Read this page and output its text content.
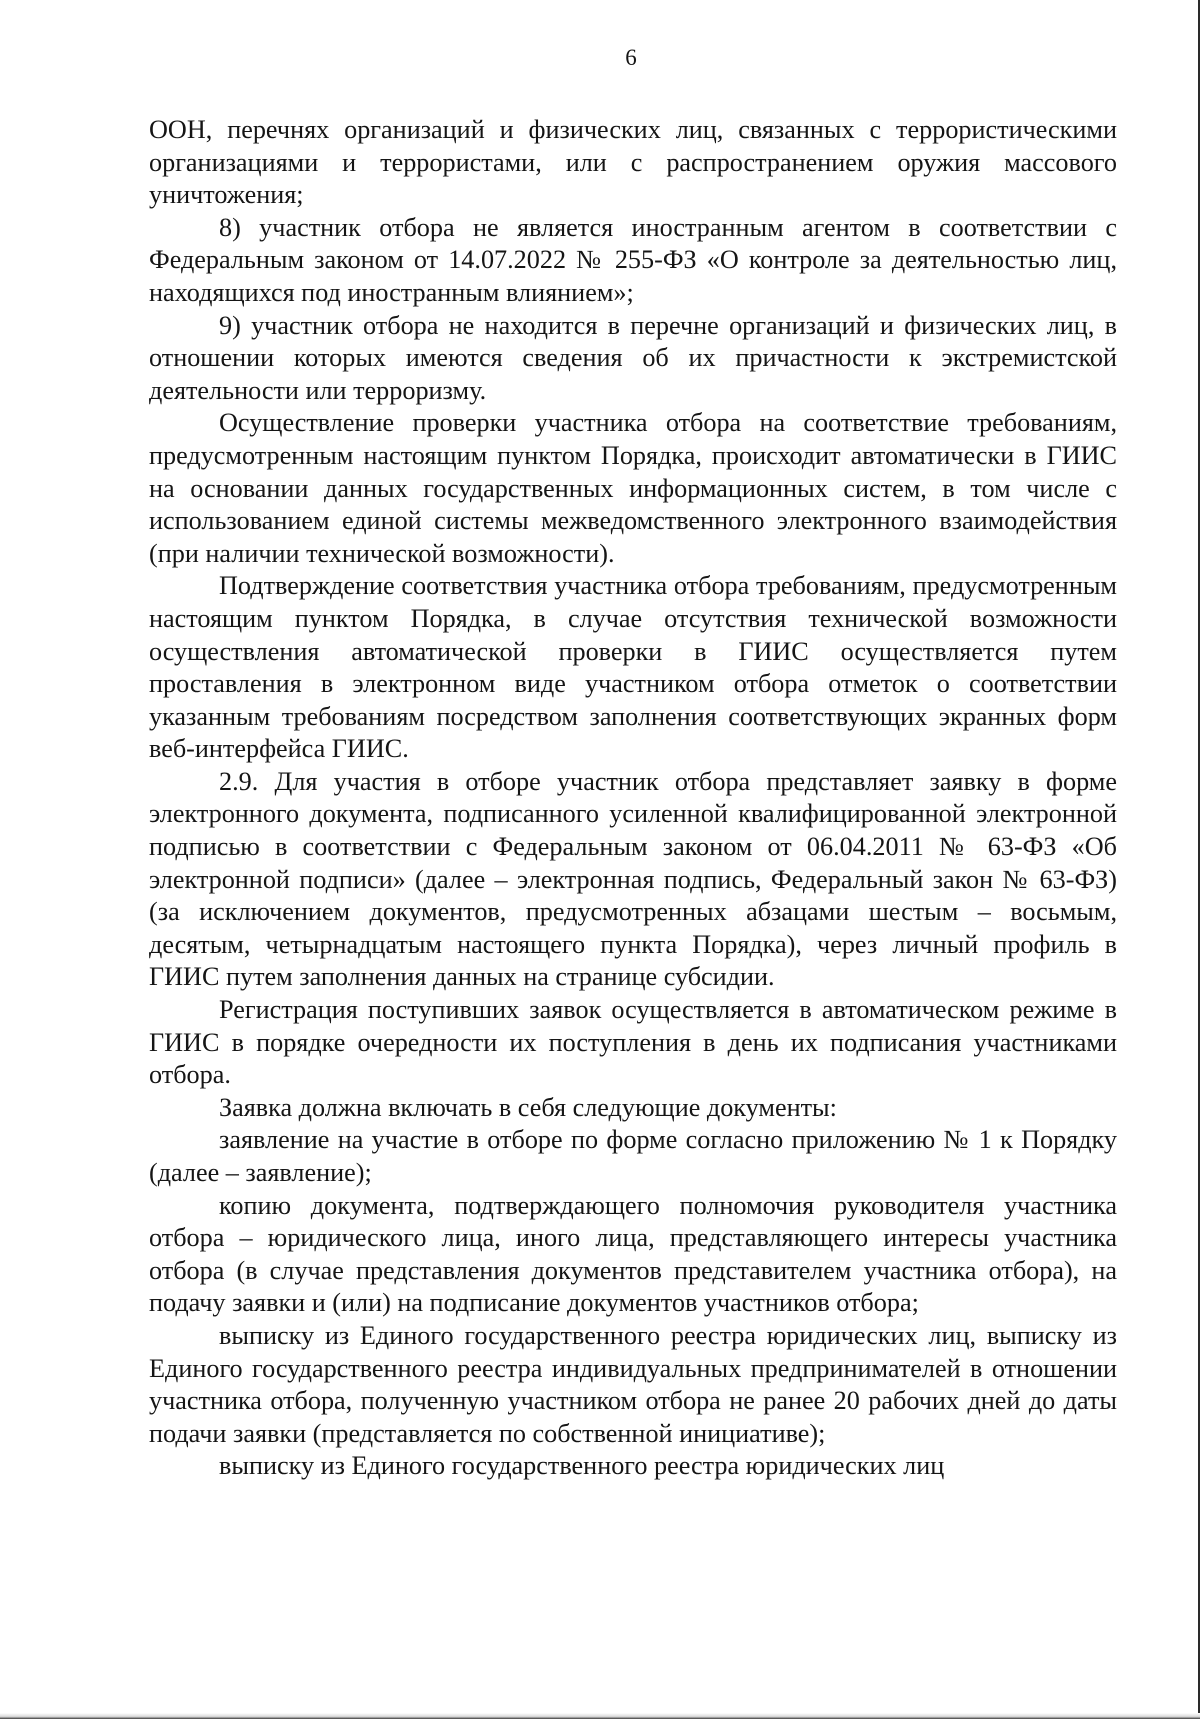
6

ООН, перечнях организаций и физических лиц, связанных с террористическими организациями и террористами, или с распространением оружия массового уничтожения;

8) участник отбора не является иностранным агентом в соответствии с Федеральным законом от 14.07.2022 № 255-ФЗ «О контроле за деятельностью лиц, находящихся под иностранным влиянием»;

9) участник отбора не находится в перечне организаций и физических лиц, в отношении которых имеются сведения об их причастности к экстремистской деятельности или терроризму.

Осуществление проверки участника отбора на соответствие требованиям, предусмотренным настоящим пунктом Порядка, происходит автоматически в ГИИС на основании данных государственных информационных систем, в том числе с использованием единой системы межведомственного электронного взаимодействия (при наличии технической возможности).

Подтверждение соответствия участника отбора требованиям, предусмотренным настоящим пунктом Порядка, в случае отсутствия технической возможности осуществления автоматической проверки в ГИИС осуществляется путем проставления в электронном виде участником отбора отметок о соответствии указанным требованиям посредством заполнения соответствующих экранных форм веб-интерфейса ГИИС.

2.9. Для участия в отборе участник отбора представляет заявку в форме электронного документа, подписанного усиленной квалифицированной электронной подписью в соответствии с Федеральным законом от 06.04.2011 № 63-ФЗ «Об электронной подписи» (далее – электронная подпись, Федеральный закон № 63-ФЗ) (за исключением документов, предусмотренных абзацами шестым – восьмым, десятым, четырнадцатым настоящего пункта Порядка), через личный профиль в ГИИС путем заполнения данных на странице субсидии.

Регистрация поступивших заявок осуществляется в автоматическом режиме в ГИИС в порядке очередности их поступления в день их подписания участниками отбора.

Заявка должна включать в себя следующие документы:

заявление на участие в отборе по форме согласно приложению № 1 к Порядку (далее – заявление);

копию документа, подтверждающего полномочия руководителя участника отбора – юридического лица, иного лица, представляющего интересы участника отбора (в случае представления документов представителем участника отбора), на подачу заявки и (или) на подписание документов участников отбора;

выписку из Единого государственного реестра юридических лиц, выписку из Единого государственного реестра индивидуальных предпринимателей в отношении участника отбора, полученную участником отбора не ранее 20 рабочих дней до даты подачи заявки (представляется по собственной инициативе);

выписку из Единого государственного реестра юридических лиц
